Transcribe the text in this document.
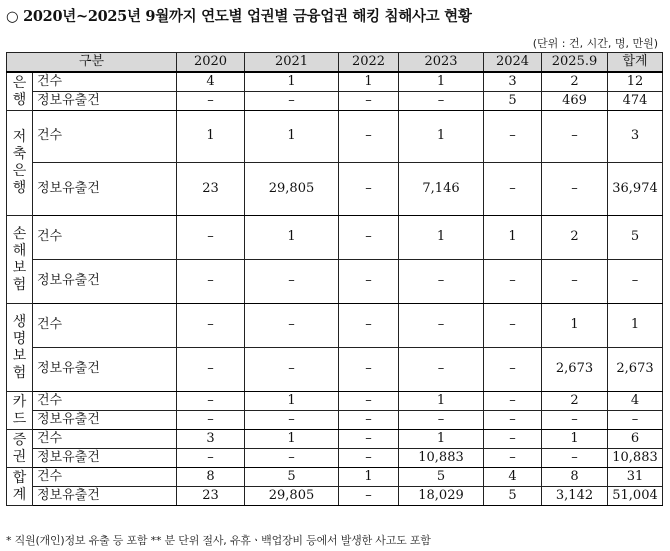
○ 2020년~2025년 9월까지 연도별 업권별 금융업권 해킹 침해사고 현황
(단위 : 건, 시간, 명, 만원)
구분		2020	2021	2022	2023	2024	2025.9	합계

은
행	건수	4	1	1	1	3	2	12
	정보유출건	–	–	–	–	5	469	474

저
축
은
행	건수	1	1	–	1	–	–	3
	정보유출건	23	29,805	–	7,146	–	–	36,974

손
해
보
험	건수	–	1	–	1	1	2	5
	정보유출건	–	–	–	–	–	–	–

생
명
보
험	건수	–	–	–	–	–	1	1
	정보유출건	–	–	–	–	–	2,673	2,673

카
드	건수	–	1	–	1	–	2	4
	정보유출건	–	–	–	–	–	–	–

증
권	건수	3	1	–	1	–	1	6
	정보유출건	–	–	–	10,883	–	–	10,883

합
계	건수	8	5	1	5	4	8	31
	정보유출건	23	29,805	–	18,029	5	3,142	51,004
* 직원(개인)정보 유출 등 포함 ** 분 단위 절사, 유휴ㆍ백업장비 등에서 발생한 사고도 포함
